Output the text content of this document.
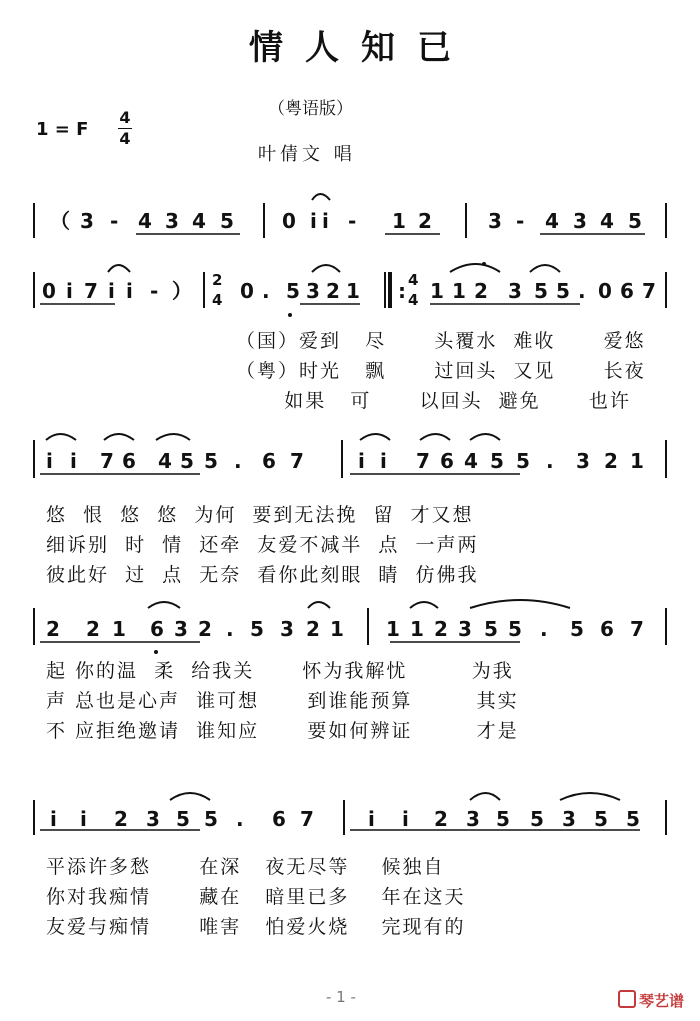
情人知已
（粤语版）
1 = F
4
4
叶倩文 唱
（ 3 - 4 3 4 5 0 i i - 1 2	3 - 4 3 4 5
0 i 7 i i - ） 2
4 0 . 5 3 2 1 : 4
4 1 1 2 3 5 5 . 0 6 7
i i 7 6 4 5 5 . 6 7	i i 7 6 4 5 5 . 3 2 1
2 2 1 6 3 2 . 5 3 2 1 1 1 2 3 5 5 . 5 6 7
i i 2 3 5 5 . 6 7	i i 2 3 5 5 3 5 5
（国）爱到   尽      头覆水  难收      爱悠
（粤）时光   飘      过回头  又见      长夜
如果   可      以回头  避免      也许
悠  恨  悠  悠  为何  要到无法挽  留  才又想
细诉别  时  情  还牵  友爱不减半  点  一声两
彼此好  过  点  无奈  看你此刻眼  睛  仿佛我
起 你的温  柔  给我关      怀为我解忧        为我
声 总也是心声  谁可想      到谁能预算        其实
不 应拒绝邀请  谁知应      要如何辨证        才是
平添许多愁      在深   夜无尽等    候独自
你对我痴情      藏在   暗里已多    年在这天
友爱与痴情      唯害   怕爱火烧    完现有的
- 1 -	琴艺谱
